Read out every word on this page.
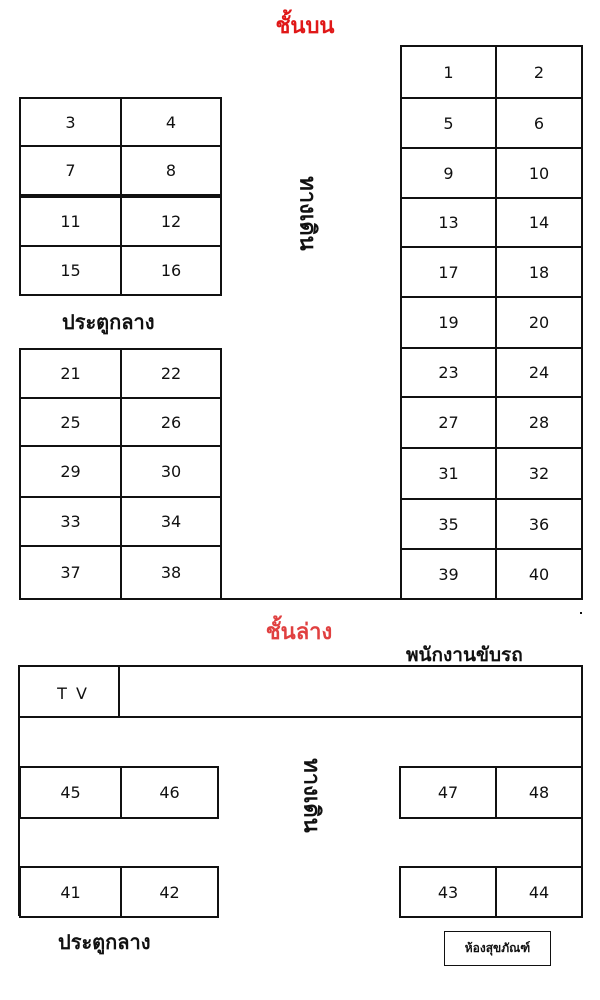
ชั้นบน
ประตูกลาง
ทางเดิน
ชั้นล่าง
พนักงานขับรถ
T V
ทางเดิน
ประตูกลาง	ห้องสุขภัณฑ์
1	2
5	6
9	10
13	14
17	18
19	20
23	24
27	28
31	32
35	36
39	40
3	4
7	8
11	12
15	16
21	22
25	26
29	30
33	34
37	38
45	46	47	48
41	42	43	44
